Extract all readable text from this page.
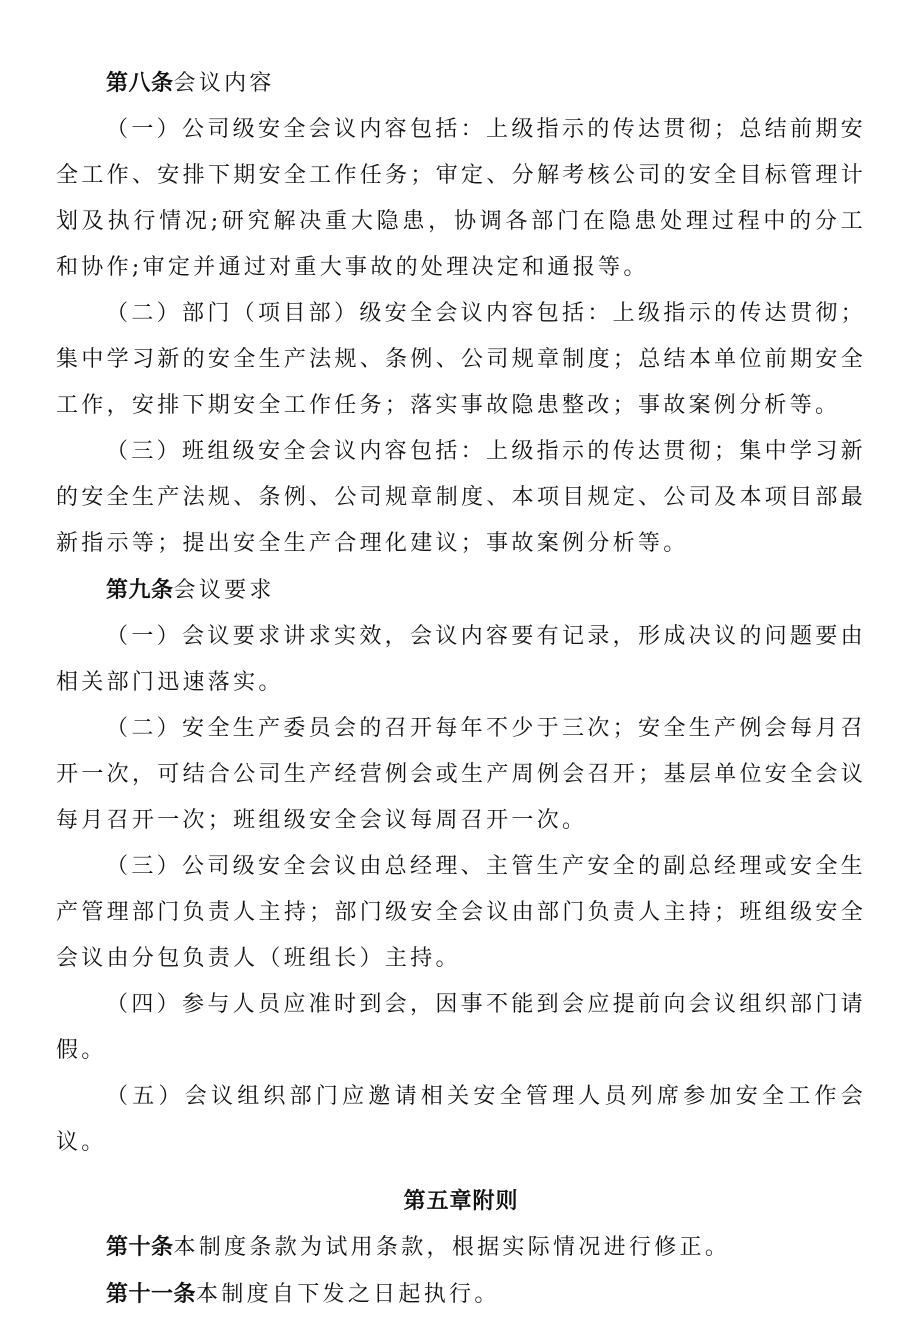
第八条会议内容

（一）公司级安全会议内容包括：上级指示的传达贯彻；总结前期安全工作、安排下期安全工作任务；审定、分解考核公司的安全目标管理计划及执行情况;研究解决重大隐患，协调各部门在隐患处理过程中的分工和协作;审定并通过对重大事故的处理决定和通报等。

（二）部门（项目部）级安全会议内容包括：上级指示的传达贯彻；集中学习新的安全生产法规、条例、公司规章制度；总结本单位前期安全工作，安排下期安全工作任务；落实事故隐患整改；事故案例分析等。

（三）班组级安全会议内容包括：上级指示的传达贯彻；集中学习新的安全生产法规、条例、公司规章制度、本项目规定、公司及本项目部最新指示等；提出安全生产合理化建议；事故案例分析等。

第九条会议要求

（一）会议要求讲求实效，会议内容要有记录，形成决议的问题要由相关部门迅速落实。

（二）安全生产委员会的召开每年不少于三次；安全生产例会每月召开一次，可结合公司生产经营例会或生产周例会召开；基层单位安全会议每月召开一次；班组级安全会议每周召开一次。

（三）公司级安全会议由总经理、主管生产安全的副总经理或安全生产管理部门负责人主持；部门级安全会议由部门负责人主持；班组级安全会议由分包负责人（班组长）主持。

（四）参与人员应准时到会，因事不能到会应提前向会议组织部门请假。

（五）会议组织部门应邀请相关安全管理人员列席参加安全工作会议。

第五章附则

第十条本制度条款为试用条款，根据实际情况进行修正。

第十一条本制度自下发之日起执行。
